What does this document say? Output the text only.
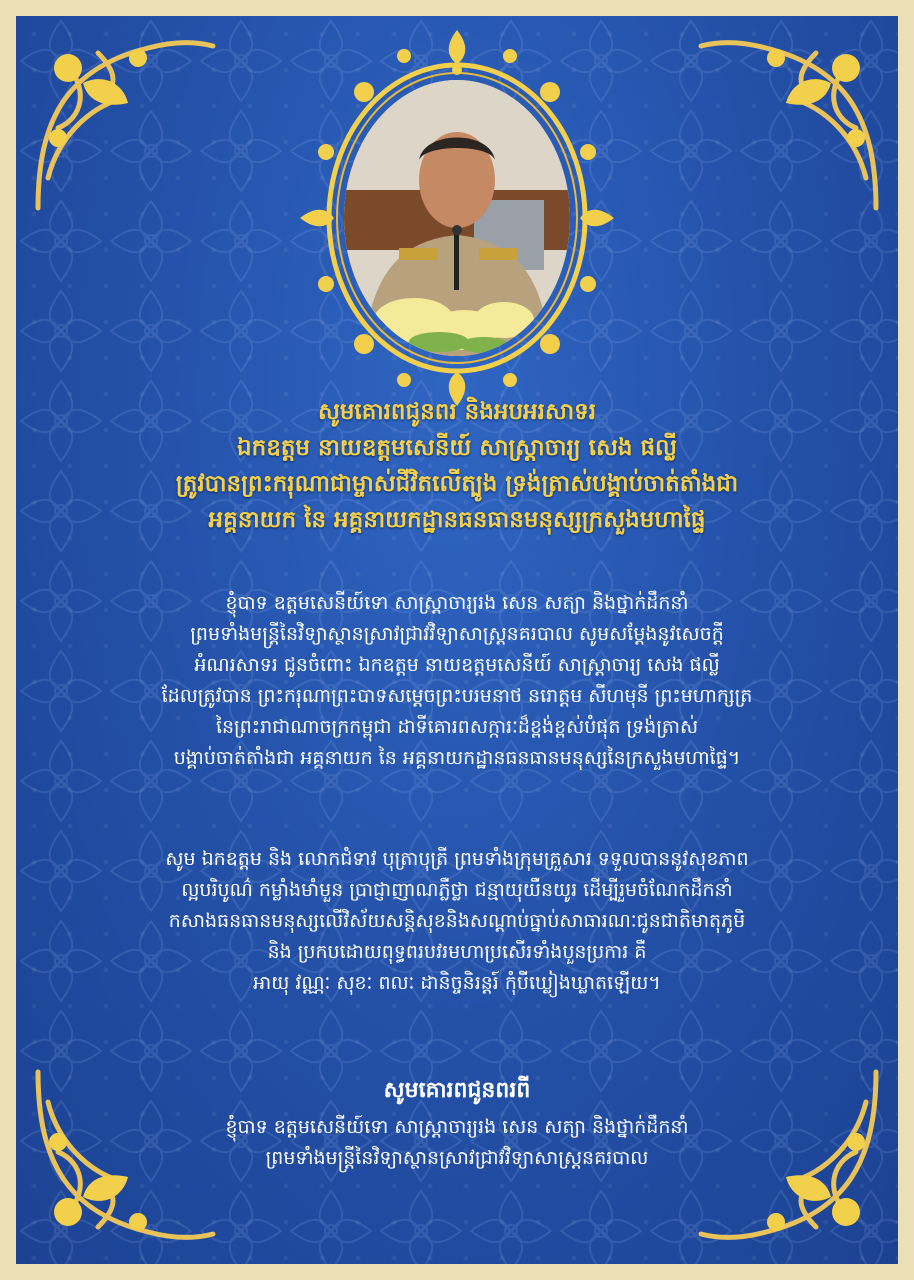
សូមគោរពជូនពរ និងអបអរសាទរ
ឯកឧត្តម នាយឧត្តមសេនីយ៍ សាស្ត្រាចារ្យ សេង ផល្លី
ត្រូវបានព្រះករុណាជាម្ចាស់ជីវិតលើត្បូង ទ្រង់ត្រាស់បង្គាប់ចាត់តាំងជា
អគ្គនាយក នៃ អគ្គនាយកដ្ឋានធនធានមនុស្សក្រសួងមហាផ្ទៃ
ខ្ញុំបាទ ឧត្តមសេនីយ៍ទោ សាស្ត្រាចារ្យរង សេន សត្យា និងថ្នាក់ដឹកនាំ
ព្រមទាំងមន្ត្រីនៃវិទ្យាស្ថានស្រាវជ្រាវវិទ្យាសាស្ត្រនគរបាល សូមសម្តែងនូវសេចក្តី
អំណរសាទរ ជូនចំពោះ ឯកឧត្តម នាយឧត្តមសេនីយ៍ សាស្ត្រាចារ្យ សេង ផល្លី
ដែលត្រូវបាន ព្រះករុណាព្រះបាទសម្តេចព្រះបរមនាថ នរោត្តម សីហមុនី ព្រះមហាក្សត្រ
នៃព្រះរាជាណាចក្រកម្ពុជា ដាទីគោរពសក្ការៈដ៏ខ្ពង់ខ្ពស់បំផុត ទ្រង់ត្រាស់
បង្គាប់ចាត់តាំងជា អគ្គនាយក នៃ អគ្គនាយកដ្ឋានធនធានមនុស្សនៃក្រសួងមហាផ្ទៃ។
សូម ឯកឧត្តម និង លោកជំទាវ បុត្រាបុត្រី ព្រមទាំងក្រុមគ្រួសារ ទទួលបាននូវសុខភាព
ល្អបរិបូណ៌ កម្លាំងមាំមួន ប្រាជ្ញាញាណភ្លឺថ្លា ជន្មាយុយឺនយូរ ដើម្បីរួមចំណែកដឹកនាំ
កសាងធនធានមនុស្សលើវិស័យសន្តិសុខនិងសណ្តាប់ធ្នាប់សាធារណៈជូនជាតិមាតុភូមិ
និង ប្រកបដោយពុទ្ធពរបវរមហាប្រសើរទាំងបួនប្រការ គឺ
អាយុ វណ្ណៈ សុខៈ ពលៈ ដានិច្ចនិរន្តរ៍ កុំបីឃ្លៀងឃ្លាតឡើយ។
សូមគោរពជូនពរពី
ខ្ញុំបាទ ឧត្តមសេនីយ៍ទោ សាស្ត្រាចារ្យរង សេន សត្យា និងថ្នាក់ដឹកនាំ
ព្រមទាំងមន្ត្រីនៃវិទ្យាស្ថានស្រាវជ្រាវវិទ្យាសាស្ត្រនគរបាល
